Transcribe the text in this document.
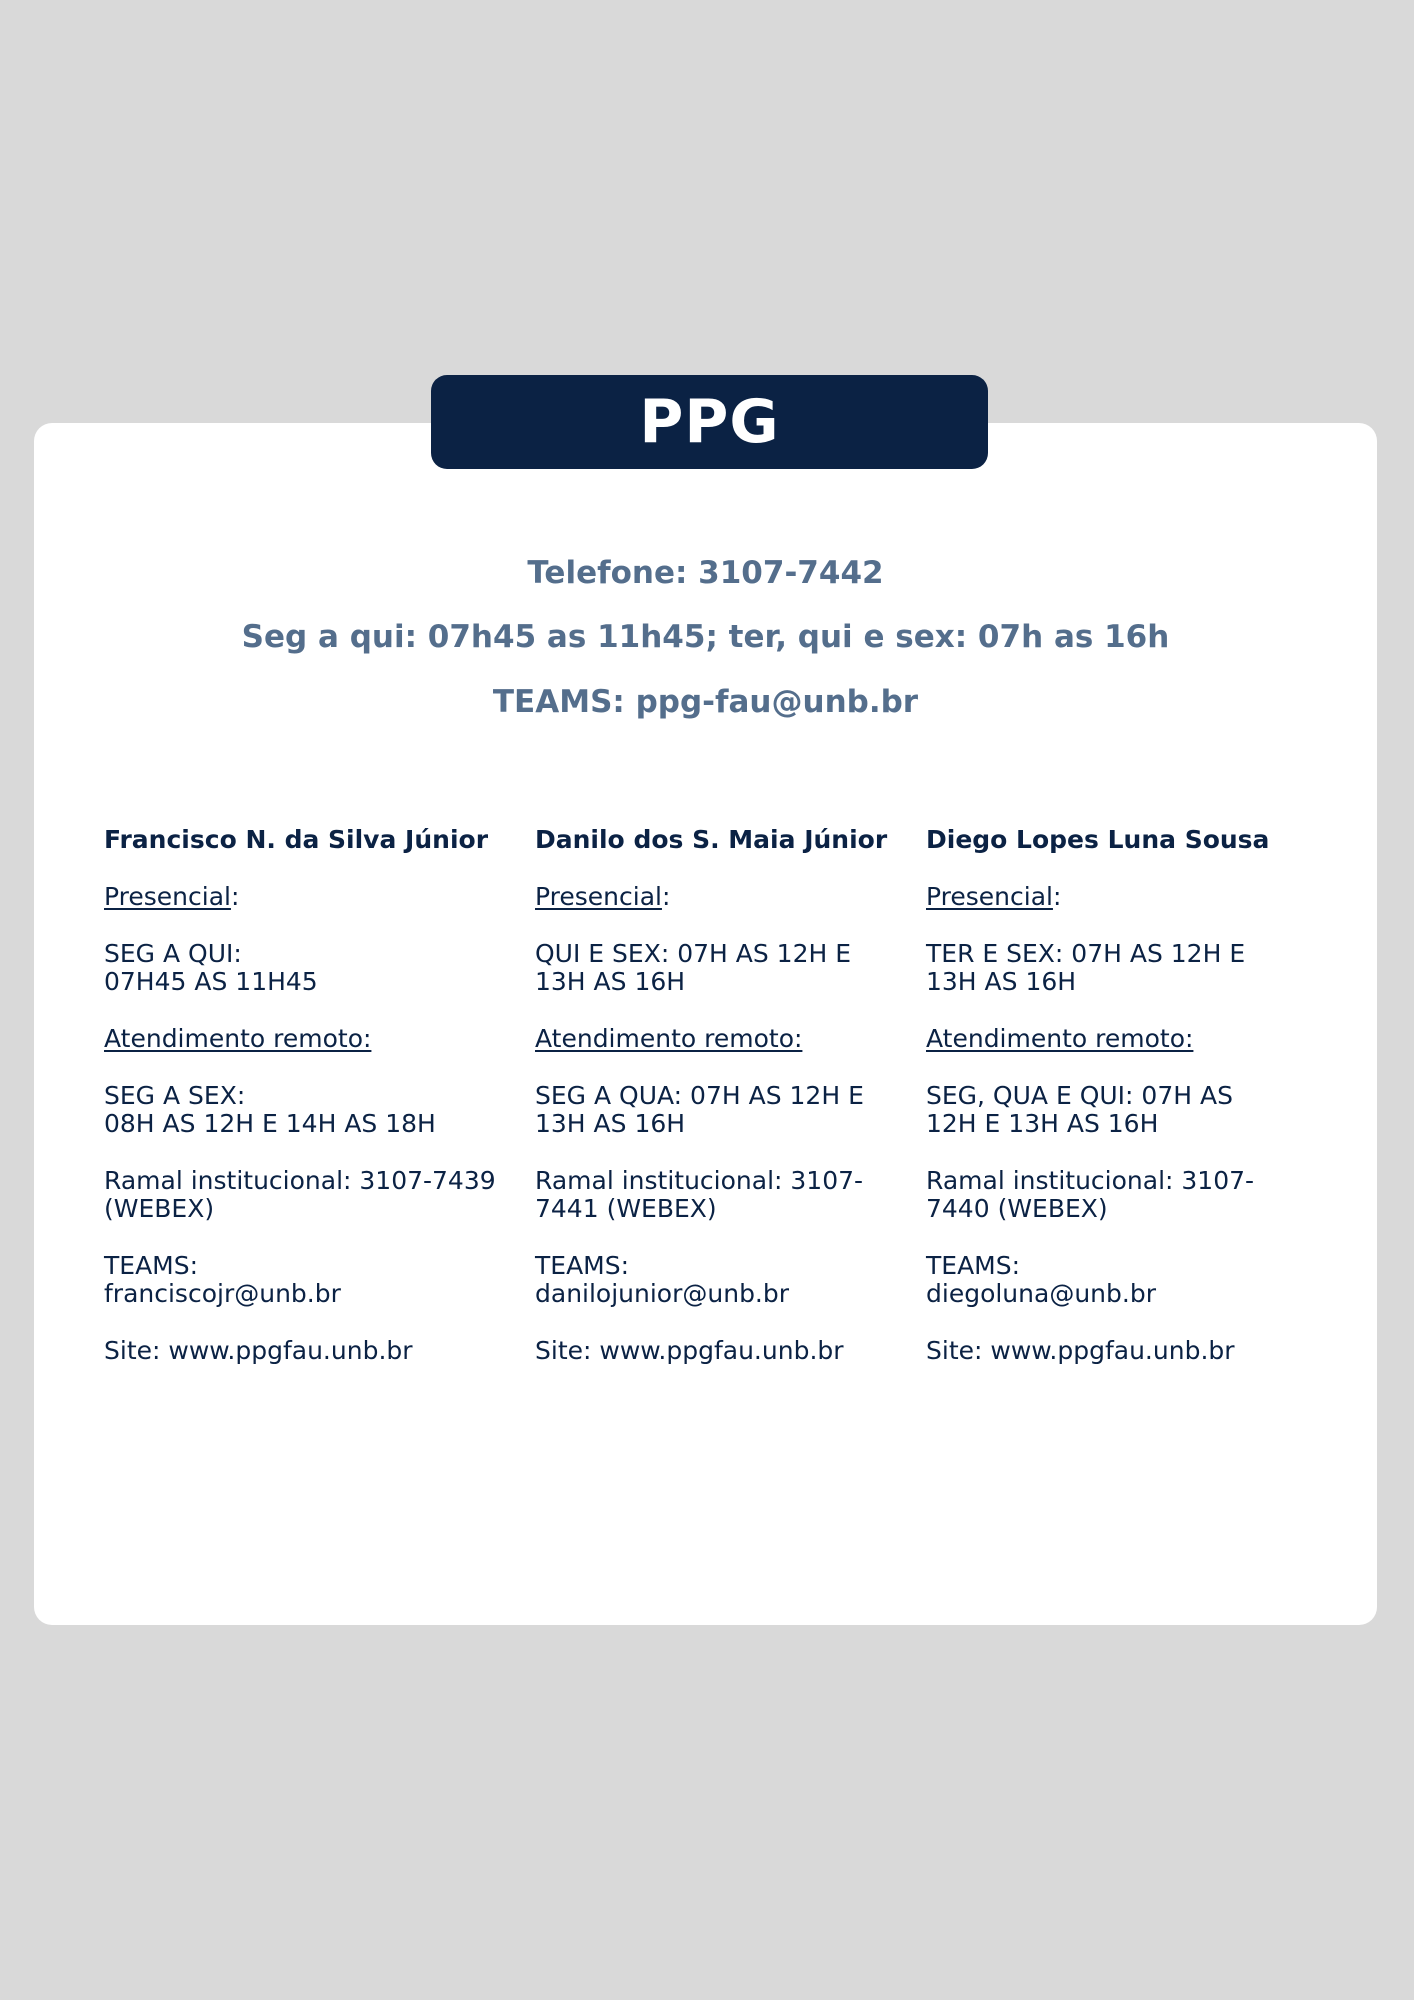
PPG
Telefone: 3107-7442
Seg a qui: 07h45 as 11h45; ter, qui e sex: 07h as 16h
TEAMS: ppg-fau@unb.br
Francisco N. da Silva Júnior
Presencial:
SEG A QUI:
07H45 AS 11H45
Atendimento remoto:
SEG A SEX:
08H AS 12H E 14H AS 18H
Ramal institucional: 3107-7439
(WEBEX)
TEAMS:
franciscojr@unb.br
Site: www.ppgfau.unb.br
Danilo dos S. Maia Júnior
Presencial:
QUI E SEX: 07H AS 12H E
13H AS 16H
Atendimento remoto:
SEG A QUA: 07H AS 12H E
13H AS 16H
Ramal institucional: 3107-
7441 (WEBEX)
TEAMS:
danilojunior@unb.br
Site: www.ppgfau.unb.br
Diego Lopes Luna Sousa
Presencial:
TER E SEX: 07H AS 12H E
13H AS 16H
Atendimento remoto:
SEG, QUA E QUI: 07H AS
12H E 13H AS 16H
Ramal institucional: 3107-
7440 (WEBEX)
TEAMS:
diegoluna@unb.br
Site: www.ppgfau.unb.br
